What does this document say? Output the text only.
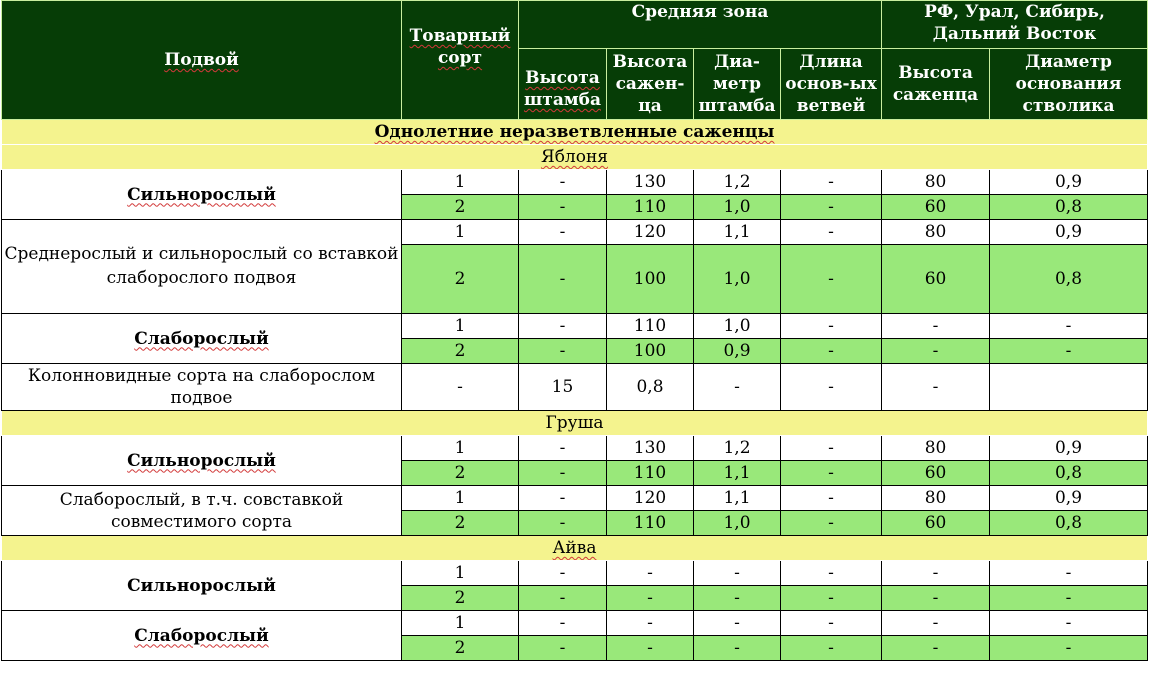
Подвой	Товарный сорт	Средняя зона				РФ, Урал, Сибирь, Дальний Восток	
		Высота штамба	Высота сажен-ца	Диа-метр штамба	Длина основ-ых ветвей	Высота саженца	Диаметр основания стволика
Однолетние неразветвленные саженцы							
Яблоня							
Сильнорослый	1	-	130	1,2	-	80	0,9
	2	-	110	1,0	-	60	0,8
Среднерослый и сильнорослый со вставкой слаборослого подвоя	1	-	120	1,1	-	80	0,9
	2	-	100	1,0	-	60	0,8
Слаборослый	1	-	110	1,0	-	-	-
	2	-	100	0,9	-	-	-
Колонновидные сорта на слаборослом подвое	-	15	0,8	-	-	-	
Груша							
Сильнорослый	1	-	130	1,2	-	80	0,9
	2	-	110	1,1	-	60	0,8
Слаборослый, в т.ч. совставкой совместимого сорта	1	-	120	1,1	-	80	0,9
	2	-	110	1,0	-	60	0,8
Айва							
Сильнорослый	1	-	-	-	-	-	-
	2	-	-	-	-	-	-
Слаборослый	1	-	-	-	-	-	-
	2	-	-	-	-	-	-
